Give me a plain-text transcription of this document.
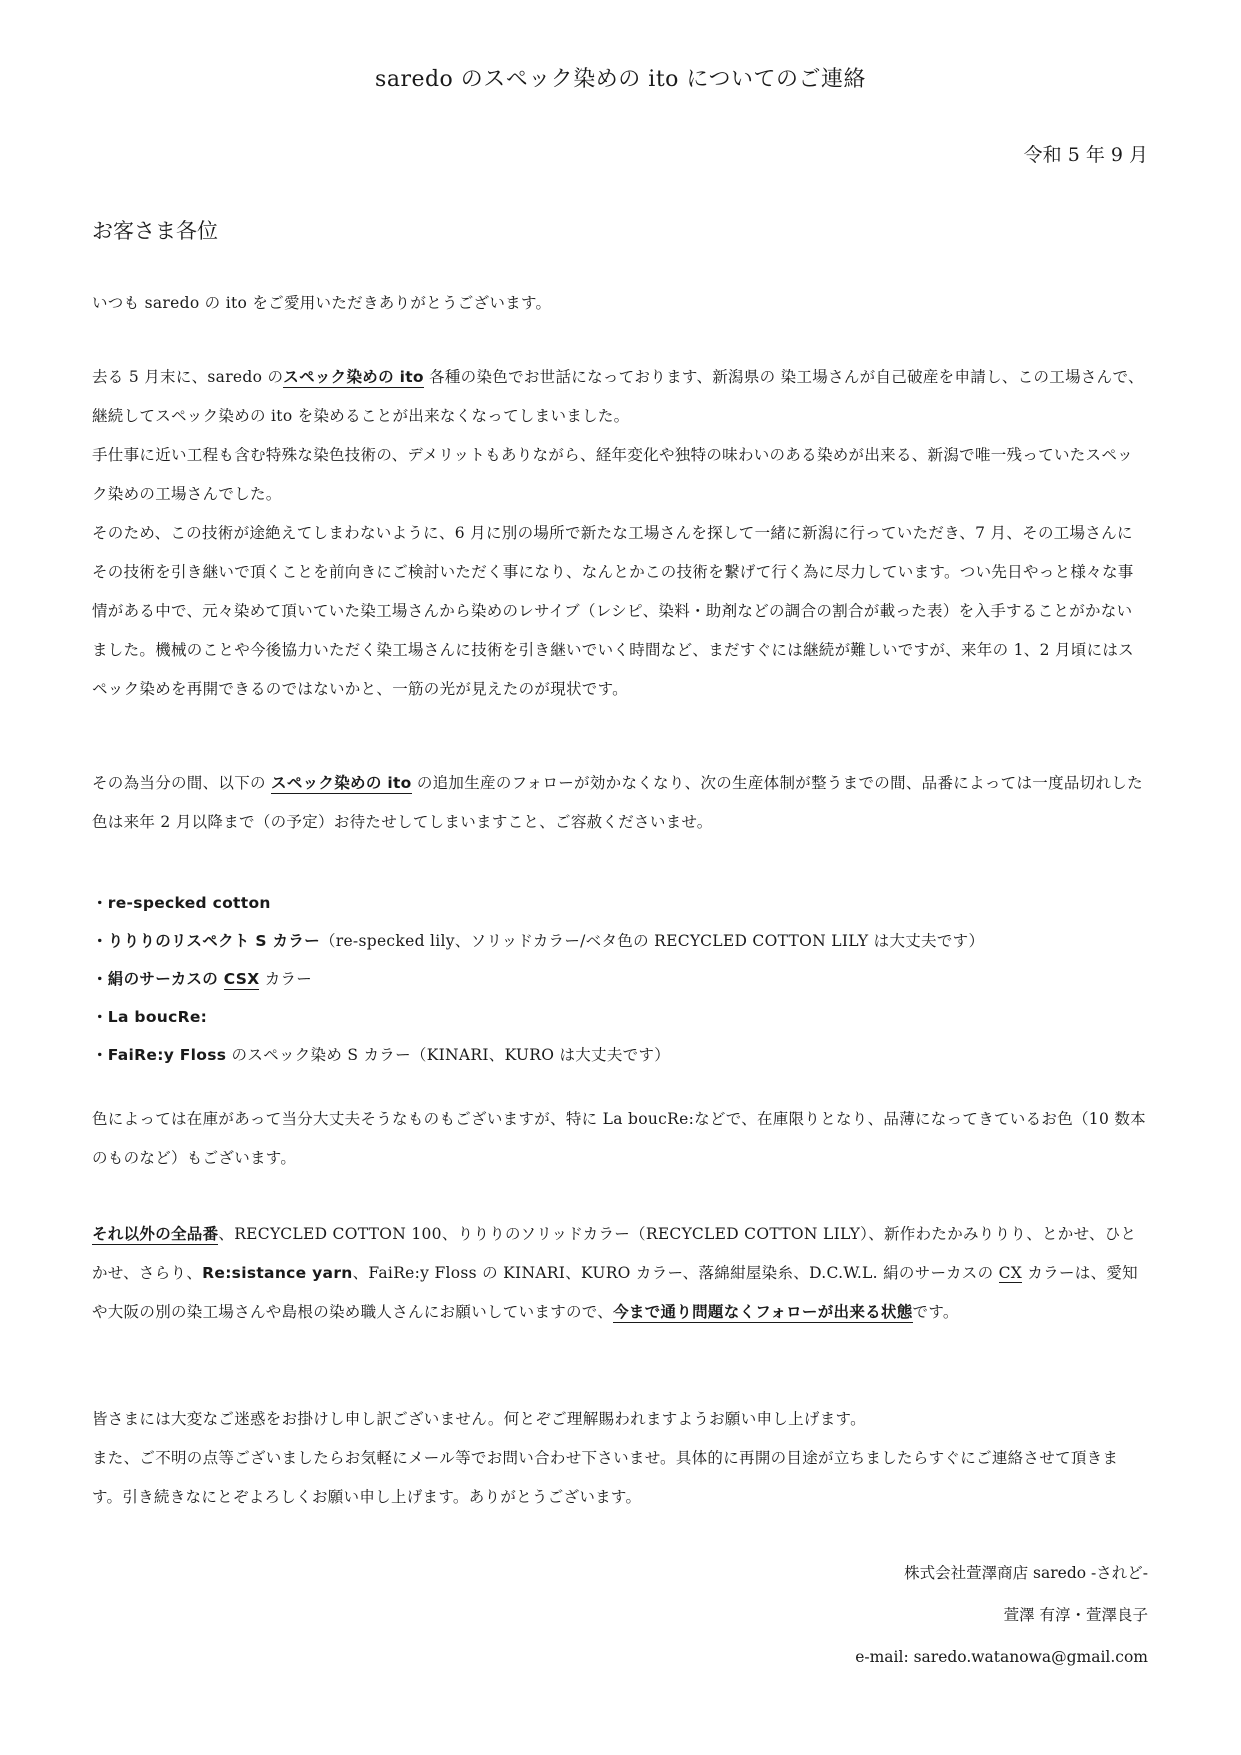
saredo のスペック染めの ito についてのご連絡
令和 5 年 9 月
お客さま各位

いつも saredo の ito をご愛用いただきありがとうございます。

去る 5 月末に、saredo のスペック染めの ito 各種の染色でお世話になっております、新潟県の 染工場さんが自己破産を申請し、この工場さんで、継続してスペック染めの ito を染めることが出来なくなってしまいました。

手仕事に近い工程も含む特殊な染色技術の、デメリットもありながら、経年変化や独特の味わいのある染めが出来る、新潟で唯一残っていたスペック染めの工場さんでした。

そのため、この技術が途絶えてしまわないように、6 月に別の場所で新たな工場さんを探して一緒に新潟に行っていただき、7 月、その工場さんにその技術を引き継いで頂くことを前向きにご検討いただく事になり、なんとかこの技術を繋げて行く為に尽力しています。つい先日やっと様々な事情がある中で、元々染めて頂いていた染工場さんから染めのレサイブ（レシピ、染料・助剤などの調合の割合が載った表）を入手することがかないました。機械のことや今後協力いただく染工場さんに技術を引き継いでいく時間など、まだすぐには継続が難しいですが、来年の 1、2 月頃にはスペック染めを再開できるのではないかと、一筋の光が見えたのが現状です。

その為当分の間、以下の スペック染めの ito の追加生産のフォローが効かなくなり、次の生産体制が整うまでの間、品番によっては一度品切れした色は来年 2 月以降まで（の予定）お待たせしてしまいますこと、ご容赦くださいませ。

・re-specked cotton
・りりりのリスペクト S カラー（re-specked lily、ソリッドカラー/ベタ色の RECYCLED COTTON LILY は大丈夫です）
・絹のサーカスの CSX カラー
・La boucRe:
・FaiRe:y Floss のスペック染め S カラー（KINARI、KURO は大丈夫です）

色によっては在庫があって当分大丈夫そうなものもございますが、特に La boucRe:などで、在庫限りとなり、品薄になってきているお色（10 数本のものなど）もございます。

それ以外の全品番、RECYCLED COTTON 100、りりりのソリッドカラー（RECYCLED COTTON LILY）、新作わたかみりりり、とかせ、ひとかせ、さらり、Re:sistance yarn、FaiRe:y Floss の KINARI、KURO カラー、落綿紺屋染糸、D.C.W.L. 絹のサーカスの CX カラーは、愛知や大阪の別の染工場さんや島根の染め職人さんにお願いしていますので、今まで通り問題なくフォローが出来る状態です。

皆さまには大変なご迷惑をお掛けし申し訳ございません。何とぞご理解賜われますようお願い申し上げます。

また、ご不明の点等ございましたらお気軽にメール等でお問い合わせ下さいませ。具体的に再開の目途が立ちましたらすぐにご連絡させて頂きます。引き続きなにとぞよろしくお願い申し上げます。ありがとうございます。

株式会社萱澤商店 saredo -されど-
萱澤 有淳・萱澤良子
e-mail: saredo.watanowa@gmail.com
